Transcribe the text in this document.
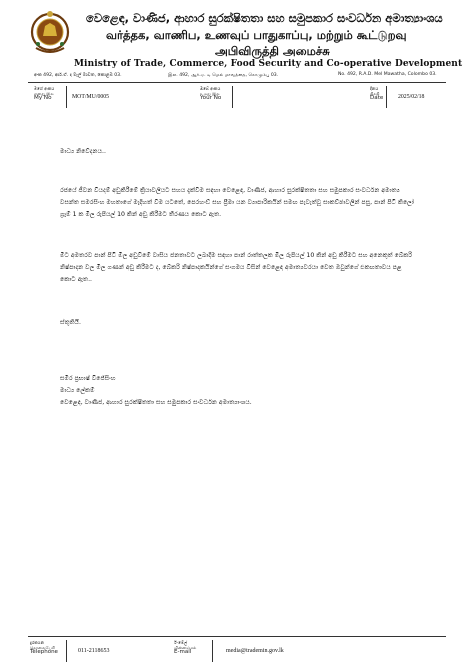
වෙළෙඳ, වාණිජ, ආහාර සුරක්ෂිතතා සහ සමුපකාර සංවර්ධන අමාත්‍යාංශය
வர்த்தக, வாணிப, உணவுப் பாதுகாப்பு, மற்றும் கூட்டுறவு
அபிவிருத்தி அமைச்சு
Ministry of Trade, Commerce, Food Security and Co-operative Development
අංක 492, ආර්.ඒ. ද මැල් මාවත, කොළඹ 03.	இல. 492, ஆர்.ஏ. டி மெல் மாவத்தை, கொழும்பு 03.	No. 492, R.A.D. Mel Mawatha, Colombo 03.
මගේ අංකය
எனது இல
My No	MOT/MU/0005
ඔබේ අංකය
உமது இல
Your No
දිනය
திகதி
Date	2025/02/18
මාධ්‍ය නිවේදනය..
රජයේ ජීවන වියදම් අඩුකිරීමේ ක්‍රියාවලියට සහය දැක්වීම සඳහා වෙළෙඳ, වාණිජ, ආහාර සුරක්ෂිතතා සහ සමුපකාර සංවර්ධන අමාත්‍ය වසන්ත සමරසිංහ මහතාගේ මැදිහත් වීම යටතේ, පෙරහංඩ් සහ ප්‍රීමා යන ව්‍යාපාරිකයින් සමඟ පැවැත්වූ සාකච්ඡාවලින් පසු, පාන් පිටි කිලෝ ග්‍රෑම් 1 ක මිල රුපියල් 10 කින් අඩු කිරීමට තීරණය කොට ඇත.
මීට අමතරව පාන් පිටි මිල අඩුවීමේ වාසිය ජනතාවට ලබාදීම සඳහා පාන් රාත්තලක මිල රුපියල් 10 කින් අඩු කිරීමට සහ අනෙකුත් බේකරි නිෂ්පාදන වල මිල ගණන් අඩු කිරීමට ද, බේකරි නිෂ්පාදකයින්ගේ සංගමය විසින් වෙළෙඳ අමාත්‍යවරයා වෙත ඔවුන්ගේ එකඟතාවය පළ කොට ඇත..
ස්තූතියි.
සමීර ප්‍රභාෂ් විජේසිංහ
මාධ්‍ය ලේකම්
වෙළෙඳ, වාණිජ, ආහාර සුරක්ෂිතතා සහ සමුපකාර සංවර්ධන අමාත්‍යාංශය.
දුරකථන
தொலைபேசி
Telephone	011-2118653
ඊ-මේල්
மின்னஞ்சல்
E-mail	media@trademin.gov.lk
